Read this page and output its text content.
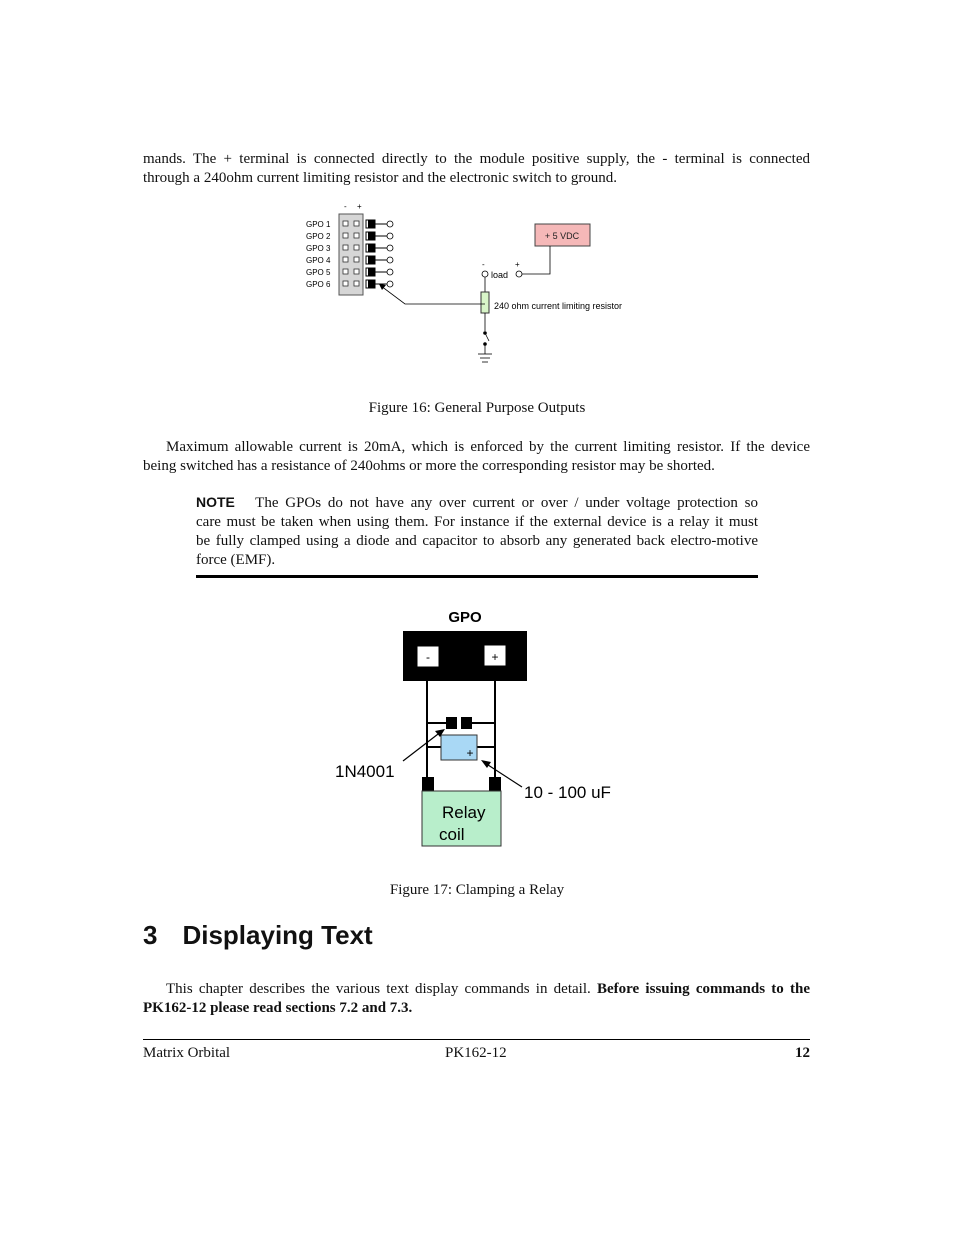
mands. The + terminal is connected directly to the module positive supply, the - terminal is connected
through a 240ohm current limiting resistor and the electronic switch to ground.
- +
GPO 1
GPO 2
GPO 3
GPO 4
GPO 5
GPO 6
+ 5 VDC
-	+
load
240 ohm current limiting resistor
Figure 16: General Purpose Outputs
Maximum allowable current is 20mA, which is enforced by the current limiting resistor. If the device
being switched has a resistance of 240ohms or more the corresponding resistor may be shorted.
NOTE The GPOs do not have any over current or over / under voltage protection so
care must be taken when using them. For instance if the external device is a relay it must
be fully clamped using a diode and capacitor to absorb any generated back electro-motive
force (EMF).
GPO
-	+
+
Relay
coil
1N4001
10 - 100 uF
Figure 17: Clamping a Relay
3 Displaying Text
This chapter describes the various text display commands in detail. Before issuing commands to the
PK162-12 please read sections 7.2 and 7.3.
Matrix Orbital	PK162-12	12
